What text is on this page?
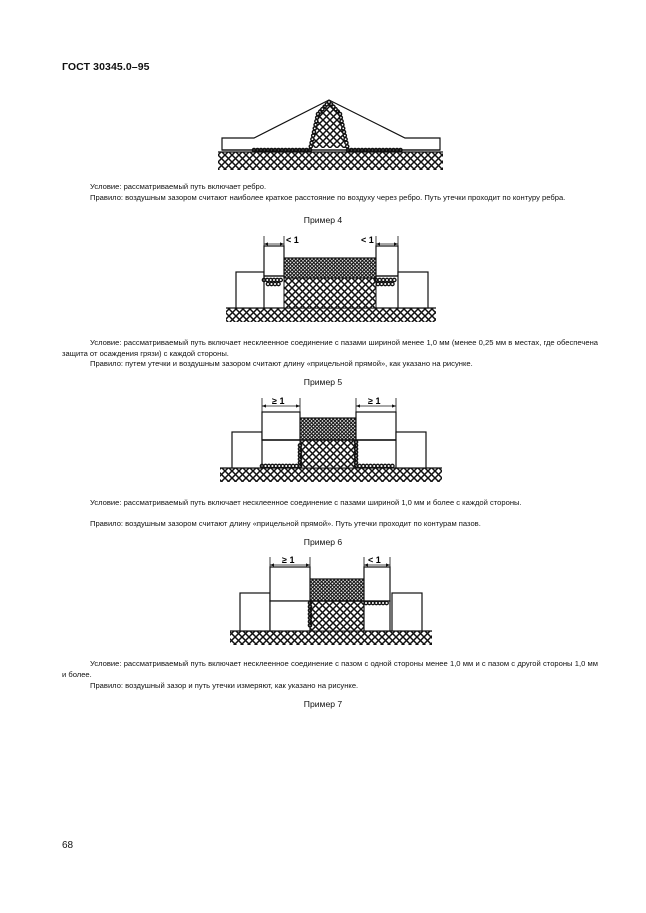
ГОСТ 30345.0–95

Условие: рассматриваемый путь включает ребро.

Правило: воздушным зазором считают наиболее краткое расстояние по воздуху через ребро. Путь утечки проходит по контуру ребра.

Пример 4
< 1	< 1

Условие: рассматриваемый путь включает несклеенное соединение с пазами шириной менее 1,0 мм (менее 0,25 мм в местах, где обеспечена защита от осаждения грязи) с каждой стороны.

Правило: путем утечки и воздушным зазором считают длину «прицельной прямой», как указано на рисунке.

Пример 5
≥ 1	≥ 1

Условие: рассматриваемый путь включает несклеенное соединение с пазами шириной 1,0 мм и более с каждой стороны.

Правило: воздушным зазором считают длину «прицельной прямой». Путь утечки проходит по контурам пазов.

Пример 6
≥ 1	< 1

Условие: рассматриваемый путь включает несклеенное соединение с пазом с одной стороны менее 1,0 мм и с пазом с другой стороны 1,0 мм и более.

Правило: воздушный зазор и путь утечки измеряют, как указано на рисунке.

Пример 7
68
